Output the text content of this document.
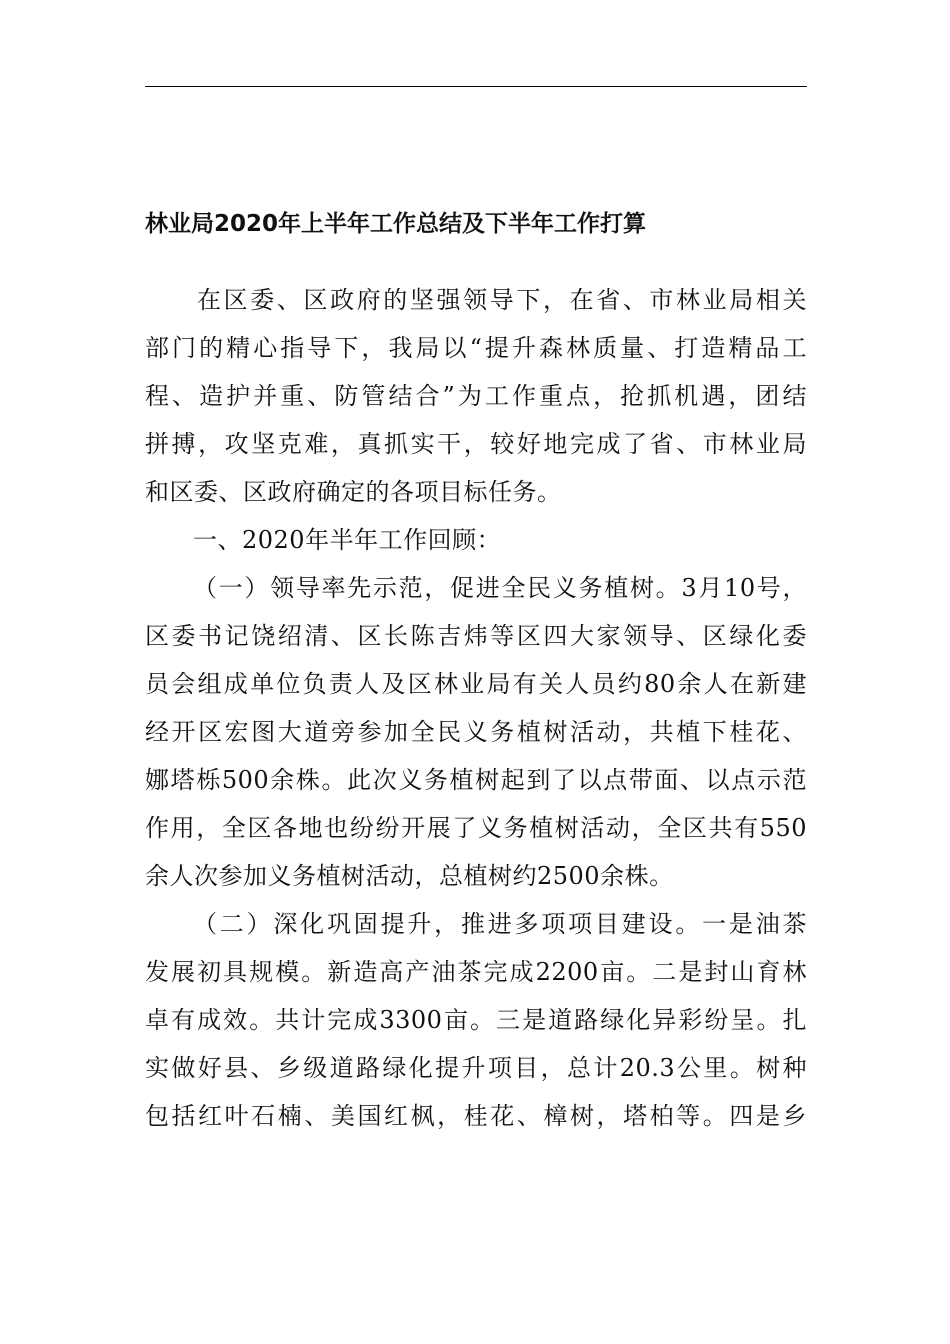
林业局2020年上半年工作总结及下半年工作打算

在区委、区政府的坚强领导下，在省、市林业局相关

部门的精心指导下，我局以“提升森林质量、打造精品工

程、造护并重、防管结合”为工作重点，抢抓机遇，团结

拼搏，攻坚克难，真抓实干，较好地完成了省、市林业局

和区委、区政府确定的各项目标任务。

一、2020年半年工作回顾：

（一）领导率先示范，促进全民义务植树。3月10号，

区委书记饶绍清、区长陈吉炜等区四大家领导、区绿化委

员会组成单位负责人及区林业局有关人员约80余人在新建

经开区宏图大道旁参加全民义务植树活动，共植下桂花、

娜塔栎500余株。此次义务植树起到了以点带面、以点示范

作用，全区各地也纷纷开展了义务植树活动，全区共有550

余人次参加义务植树活动，总植树约2500余株。

（二）深化巩固提升，推进多项项目建设。一是油茶

发展初具规模。新造高产油茶完成2200亩。二是封山育林

卓有成效。共计完成3300亩。三是道路绿化异彩纷呈。扎

实做好县、乡级道路绿化提升项目，总计20.3公里。树种

包括红叶石楠、美国红枫，桂花、樟树，塔柏等。四是乡
